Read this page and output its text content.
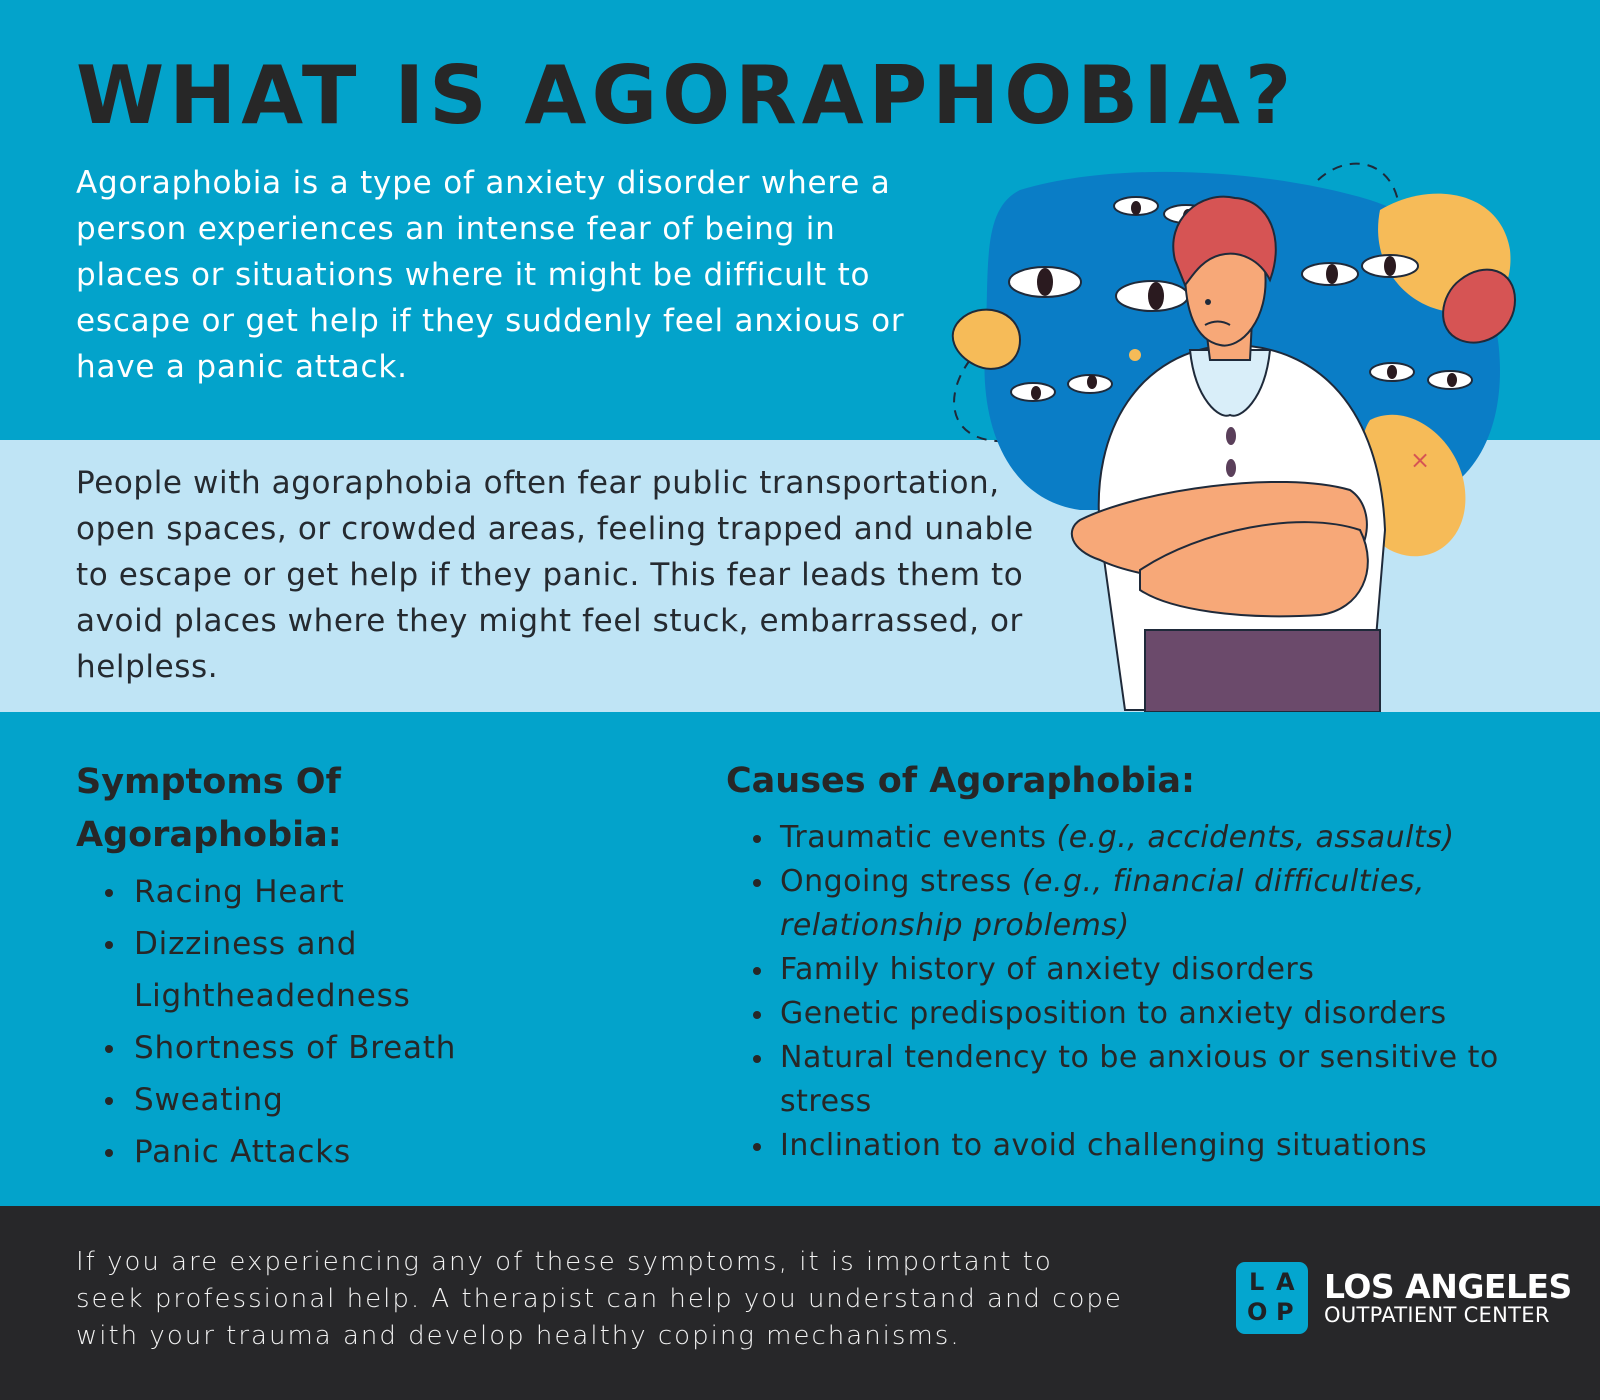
WHAT IS AGORAPHOBIA?

Agoraphobia is a type of anxiety disorder where a person experiences an intense fear of being in places or situations where it might be difficult to escape or get help if they suddenly feel anxious or have a panic attack.

People with agoraphobia often fear public transportation, open spaces, or crowded areas, feeling trapped and unable to escape or get help if they panic. This fear leads them to avoid places where they might feel stuck, embarrassed, or helpless.

×
Symptoms Of Agoraphobia:
Racing Heart
Dizziness and Lightheadedness
Shortness of Breath
Sweating
Panic Attacks
Causes of Agoraphobia:
Traumatic events (e.g., accidents, assaults)
Ongoing stress (e.g., financial difficulties, relationship problems)
Family history of anxiety disorders
Genetic predisposition to anxiety disorders
Natural tendency to be anxious or sensitive to stress
Inclination to avoid challenging situations

If you are experiencing any of these symptoms, it is important to seek professional help. A therapist can help you understand and cope with your trauma and develop healthy coping mechanisms.

L A
O P
LOS ANGELES
OUTPATIENT CENTER
